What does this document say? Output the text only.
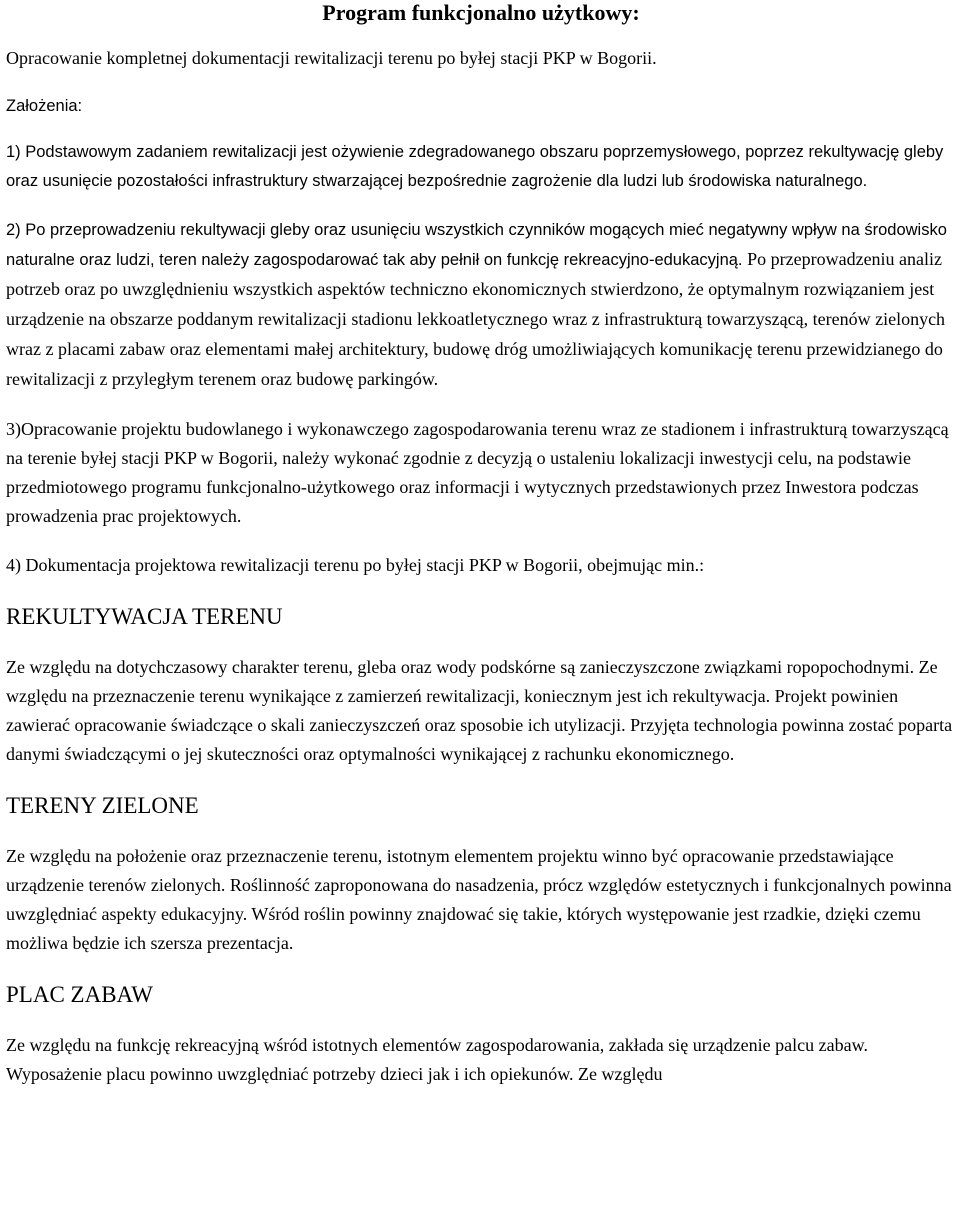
Program funkcjonalno użytkowy:

Opracowanie kompletnej dokumentacji rewitalizacji terenu po byłej stacji PKP w Bogorii.

Założenia:

1) Podstawowym zadaniem rewitalizacji jest ożywienie zdegradowanego obszaru poprzemysłowego, poprzez rekultywację gleby oraz usunięcie pozostałości infrastruktury stwarzającej bezpośrednie zagrożenie dla ludzi lub środowiska naturalnego.

2) Po przeprowadzeniu rekultywacji gleby oraz usunięciu wszystkich czynników mogących mieć negatywny wpływ na środowisko naturalne oraz ludzi, teren należy zagospodarować tak aby pełnił on funkcję rekreacyjno-edukacyjną. Po przeprowadzeniu analiz potrzeb oraz po uwzględnieniu wszystkich aspektów techniczno ekonomicznych stwierdzono, że optymalnym rozwiązaniem jest urządzenie na obszarze poddanym rewitalizacji stadionu lekkoatletycznego wraz z infrastrukturą towarzyszącą, terenów zielonych wraz z placami zabaw oraz elementami małej architektury, budowę dróg umożliwiających komunikację terenu przewidzianego do rewitalizacji z przyległym terenem oraz budowę parkingów.

3)Opracowanie projektu budowlanego i wykonawczego zagospodarowania terenu wraz ze stadionem i infrastrukturą towarzyszącą na terenie byłej stacji PKP w Bogorii, należy wykonać zgodnie z decyzją o ustaleniu lokalizacji inwestycji celu, na podstawie przedmiotowego programu funkcjonalno-użytkowego oraz informacji i wytycznych przedstawionych przez Inwestora podczas prowadzenia prac projektowych.

4) Dokumentacja projektowa rewitalizacji terenu po byłej stacji PKP w Bogorii, obejmując min.:

REKULTYWACJA TERENU

Ze względu na dotychczasowy charakter terenu, gleba oraz wody podskórne są zanieczyszczone związkami ropopochodnymi. Ze względu na przeznaczenie terenu wynikające z zamierzeń rewitalizacji, koniecznym jest ich rekultywacja. Projekt powinien zawierać opracowanie świadczące o skali zanieczyszczeń oraz sposobie ich utylizacji. Przyjęta technologia powinna zostać poparta danymi świadczącymi o jej skuteczności oraz optymalności wynikającej z rachunku ekonomicznego.

TERENY ZIELONE

Ze względu na położenie oraz przeznaczenie terenu, istotnym elementem projektu winno być opracowanie przedstawiające urządzenie terenów zielonych. Roślinność zaproponowana do nasadzenia, prócz względów estetycznych i funkcjonalnych powinna uwzględniać aspekty edukacyjny. Wśród roślin powinny znajdować się takie, których występowanie jest rzadkie, dzięki czemu możliwa będzie ich szersza prezentacja.

PLAC ZABAW

Ze względu na funkcję rekreacyjną wśród istotnych elementów zagospodarowania, zakłada się urządzenie palcu zabaw. Wyposażenie placu powinno uwzględniać potrzeby dzieci jak i ich opiekunów. Ze względu
